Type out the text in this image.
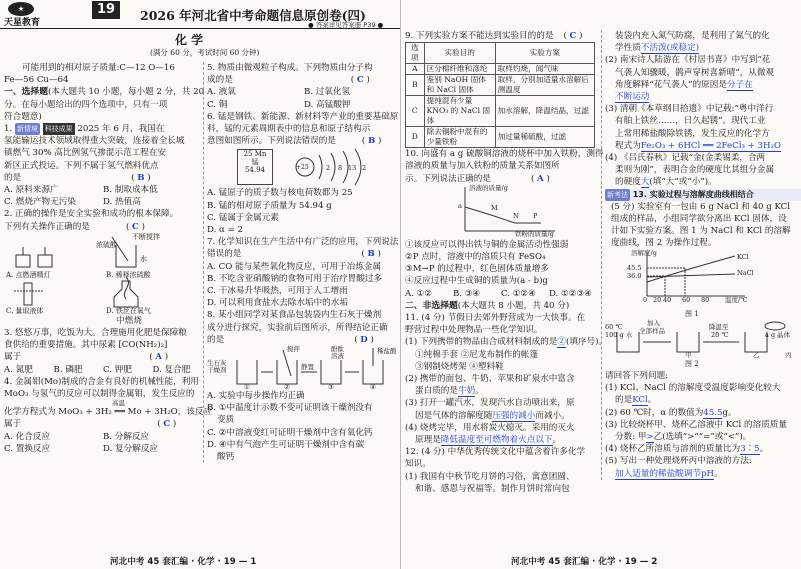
★
天星教育
19	2026 年河北省中考命题信息原创卷(四)
● 答案详见答案册 P39 ●
化 学
(满分 60 分，考试时间 60 分钟)
可能用到的相对原子质量:C—12 O—16
Fe—56 Cu—64
一、选择题(本大题共 10 小题，每小题 2 分，共 20
分。在每小题给出的四个选项中，只有一项
符合题意)
1. 新情境 科技成果 2025 年 6 月，我国在
氢能输运技术领域取得重大突破，连接着全长城
镇燃气 30% 高比例氢气掺混示范工程在安
新区正式投运。下列不属于氢气燃料优点
的是	( B )
A. 原料来源广	B. 制取成本低
C. 燃烧产物无污染	D. 热值高
2. 正确的操作是安全实验和成功的根本保障。
下列有关操作正确的是	( C )
不断搅拌
浓硫酸
水
A. 点燃酒精灯	B. 稀释浓硫酸
C. 量取液体	D. 铁丝在氧气
中燃烧
3. 悠悠万事，吃饭为大。合理施用化肥是保障粮
食供给的重要措施。其中尿素 [CO(NH₂)₂]
属于	( A )
A. 氮肥	B. 磷肥	C. 钾肥	D. 复合肥
4. 金属钼(Mo)制成的合金有良好的机械性能，利用
MoO₃ 与氢气的反应可以制得金属钼，发生反应的
高温
化学方程式为 MoO₃ + 3H₂ ══ Mo + 3H₂O，该反应
属于	( C )
A. 化合反应	B. 分解反应
C. 置换反应	D. 复分解反应
5. 物质由微观粒子构成。下列物质由分子构
成的是	( C )
A. 液氧	B. 过氧化氢
C. 铜	D. 高锰酸钾
6. 锰是钢铁、新能源、新材料等产业的重要基础原
料，锰的元素周期表中的信息和原子结构示
意图如图所示。下列说法错误的是	( B )
25 Mn
锰
54.94	+25	2 8 13 2
A. 锰原子的质子数与核电荷数都为 25
B. 锰的相对原子质量为 54.94 g
C. 锰属于金属元素
D. α = 2
7. 化学知识在生产生活中有广泛的应用，下列说法
错误的是	( B )
A. CO 能与某些氧化物反应，可用于冶炼金属
B. 不吃含亚硝酸钠的食物可用于治疗胃酸过多
C. 干冰易升华吸热，可用于人工增雨
D. 可以利用食盐水去除水垢中的水垢
8. 某小组同学对某食品包装袋内生石灰干燥剂
成分进行探究，实验前后图所示，所得结论正确
的是	( D )
搅拌
生石灰
干燥剂
①	②	③	④
静置
酚酞
溶液
稀盐酸
A. 实验中每步操作均正确
B. ①中温度计示数不变可证明该干燥剂没有
变质
C. ②中溶液变红可证明干燥剂中含有氧化钙
D. ④中有气泡产生可证明干燥剂中含有碳
酸钙
河北中考 45 套汇编 · 化学 · 19 — 1
9. 下列实验方案不能达到实验目的的是 ( C )
选项	实验目的	实验方案
A	区分棉纤维和涤纶	取样灼烧，闻气味
B	鉴别 NaOH 固体和 NaCl 固体	取样，分别加适量水溶解后测温度
C	提纯混有少量 KNO₃ 的 NaCl 固体	加水溶解，降温结晶，过滤
D	除去铜粉中混有的少量铁粉	加过量稀硫酸，过滤
10. 向盛有 a g 硫酸铜溶液的烧杯中加入铁粉，测得
溶液的质量与加入铁粉的质量关系如图所
示。下列说法正确的是	( A )
溶液的质量/g
a	M
N P
铁粉的质量/g
①该反应可以得出铁与铜的金属活动性强弱
②P 点时，溶液中的溶质只有 FeSO₄
③M→P 的过程中，红色固体质量增多
④反应过程中生成铜的质量为(a - b)g
A. ①②	B. ③④	C. ①②④	D. ①②③④
二、非选择题(本大题共 8 小题，共 40 分)
11. (4 分) 节假日去郊外野营成为一大快事。在
野营过程中处理物品一些化学知识。
(1) 下列携带的物品由合成材料制成的是②(填序号)。
①纯棉手套 ②尼龙布制作的帐篷
③钢制烧烤架 ④塑料鞋
(2) 携带的面包、牛奶、苹果和矿泉水中富含
蛋白质的是牛奶。
(3) 打开一罐汽水，发现汽水自动喷出来，原
因是气体的溶解度随压强的减小而减小。
(4) 烧烤完毕，用水将炭火熄灭。采用的灭火
原理是降低温度至可燃物着火点以下。
12. (4 分) 中华优秀传统文化中蕴含着许多化学
知识。
(1) 我国有中秋节吃月饼的习俗，寓意团圆、
和谐、感恩与祝福等。制作月饼时常向包
装袋内充入氮气防腐，是利用了氮气的化
学性质不活泼(或稳定)
(2) 南宋诗人陆游在《村居书喜》中写到“花
气袭人知骤暖，鹊声穿树喜新晴”，从微观
角度解释“花气袭人”的原因是分子在
不断运动
(3) 清朝《本草纲目拾遗》中记载:“粤中洋行
有舶上铁丝……，日久起锈”。现代工业
上常用稀盐酸除铁锈，发生反应的化学方
程式为Fe₂O₃ + 6HCl ══ 2FeCl₃ + 3H₂O
(4) 《吕氏春秋》记载“金(金柔锡柔，合两
柔则为刚”，表明合金的硬度比其组分金属
的硬度大(填“大”或“小”)。
新考法 13. 实验过程与溶解度曲线相结合
(5 分) 实验室有一包由 6 g NaCl 和 40 g KCl
组成的样品，小组同学欲分离出 KCl 固体，设
计如下实验方案。图 1 为 NaCl 和 KCl 的溶解
度曲线，图 2 为操作过程。
溶解度/g
45.5
36.0
KCl
NaCl
0 20 40 60 80 温度/℃
图 1
加入
全部样品
60 ℃
100 g 水
降温至
20 ℃
甲	乙	丙
a g 晶体
图 2
请回答下列问题:
(1) KCl、NaCl 的溶解度受温度影响变化较大
的是KCl。
(2) 60 ℃时，α 的数值为45.5g。
(3) 比较烧杯甲、烧杯乙溶液中 KCl 的溶质质量
分数: 甲>乙(选填“>”“=”或“<”)。
(4) 烧杯乙所溶质与溶剂的质量比为3∶5。
(5) 写出一种处理烧杯丙中溶液的方法:
加入适量的稀盐酸调节pH。
河北中考 45 套汇编 · 化学 · 19 — 2
